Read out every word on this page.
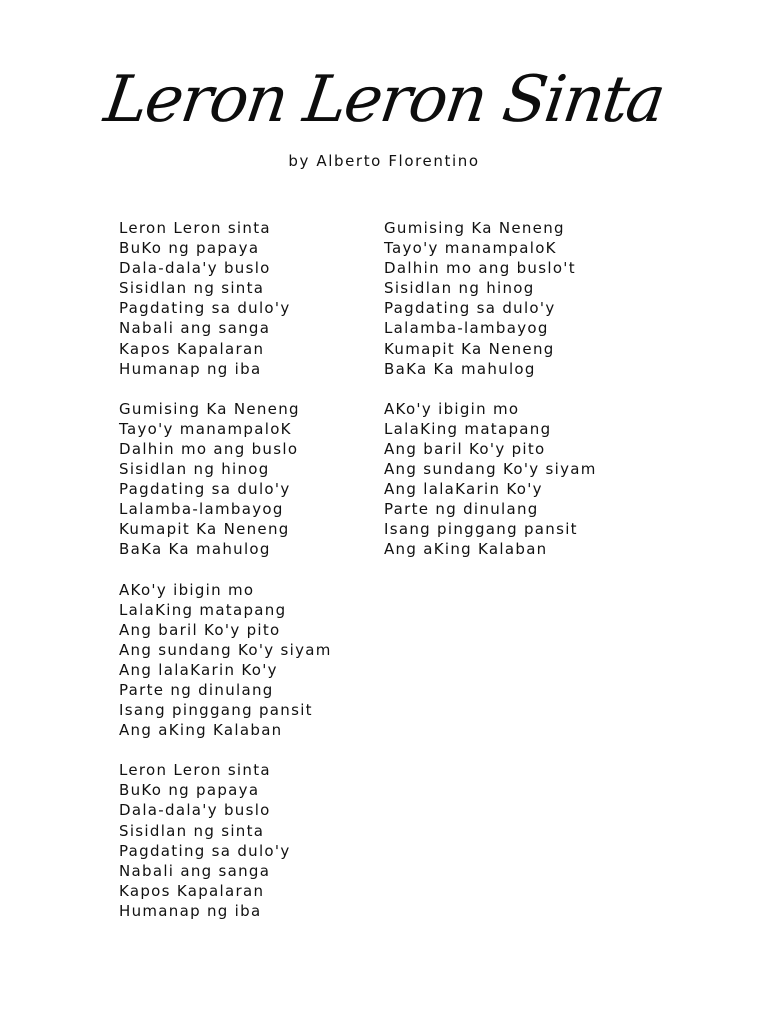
Leron Leron Sinta
by Alberto Florentino
Leron Leron sinta
BuKo ng papaya
Dala-dala'y buslo
Sisidlan ng sinta
Pagdating sa dulo'y
Nabali ang sanga
Kapos Kapalaran
Humanap ng iba
Gumising Ka Neneng
Tayo'y manampaloK
Dalhin mo ang buslo
Sisidlan ng hinog
Pagdating sa dulo'y
Lalamba-lambayog
Kumapit Ka Neneng
BaKa Ka mahulog
AKo'y ibigin mo
LalaKing matapang
Ang baril Ko'y pito
Ang sundang Ko'y siyam
Ang lalaKarin Ko'y
Parte ng dinulang
Isang pinggang pansit
Ang aKing Kalaban
Leron Leron sinta
BuKo ng papaya
Dala-dala'y buslo
Sisidlan ng sinta
Pagdating sa dulo'y
Nabali ang sanga
Kapos Kapalaran
Humanap ng iba
Gumising Ka Neneng
Tayo'y manampaloK
Dalhin mo ang buslo't
Sisidlan ng hinog
Pagdating sa dulo'y
Lalamba-lambayog
Kumapit Ka Neneng
BaKa Ka mahulog
AKo'y ibigin mo
LalaKing matapang
Ang baril Ko'y pito
Ang sundang Ko'y siyam
Ang lalaKarin Ko'y
Parte ng dinulang
Isang pinggang pansit
Ang aKing Kalaban
